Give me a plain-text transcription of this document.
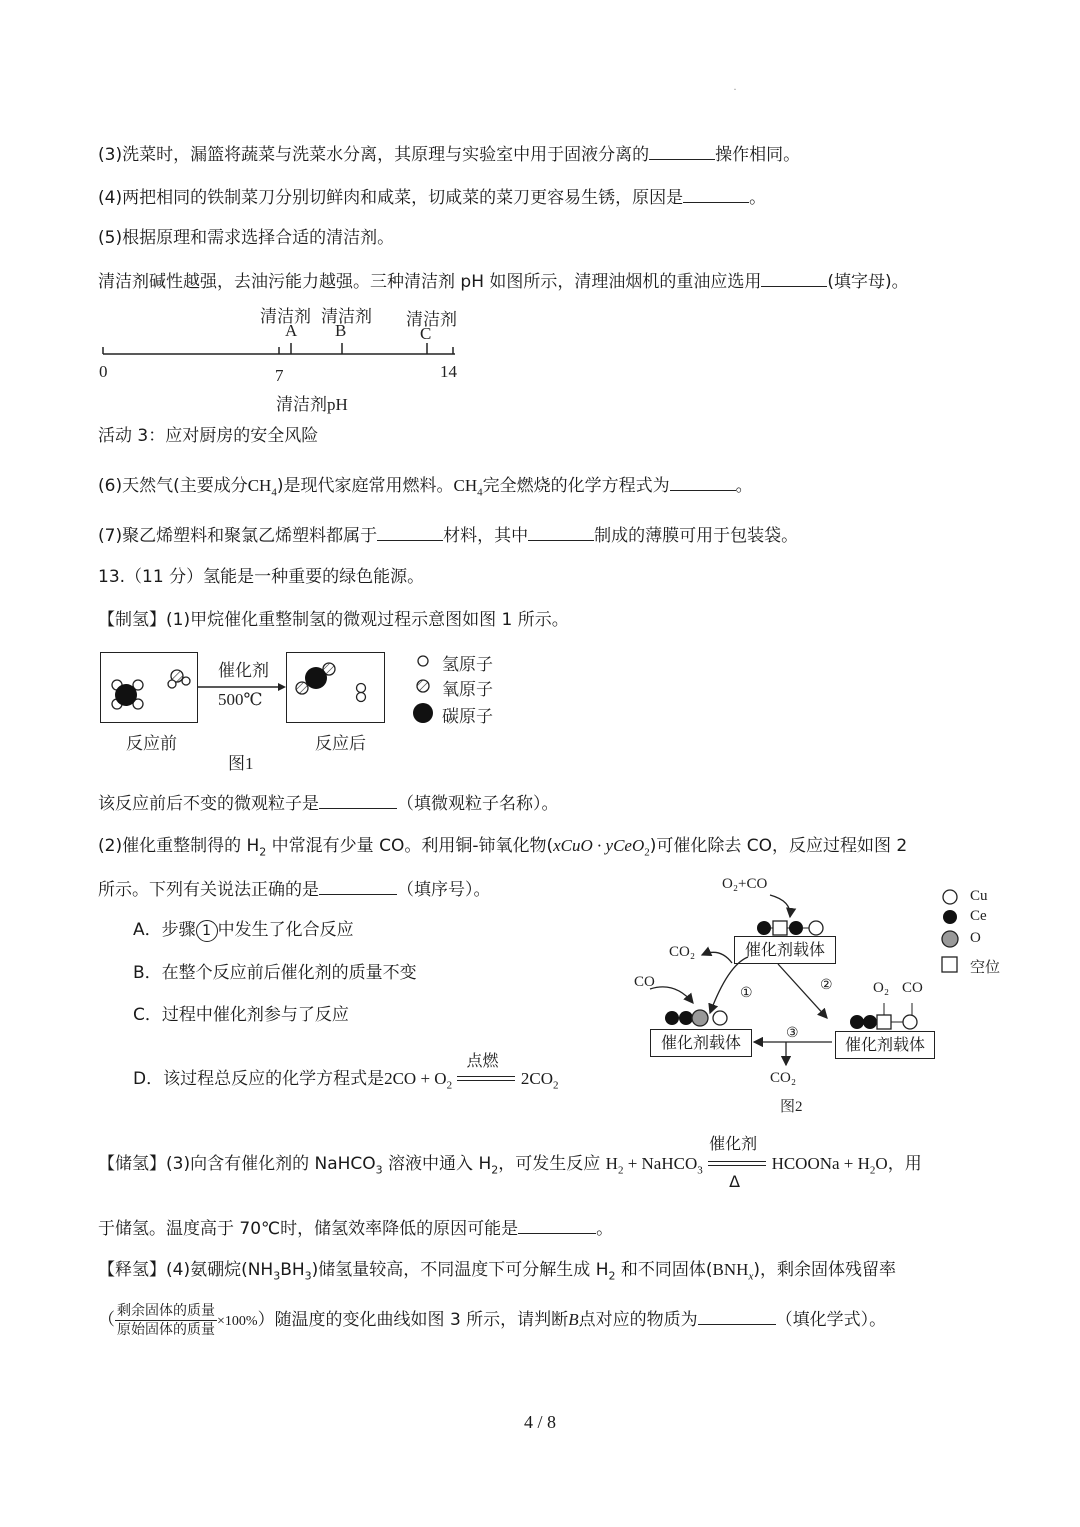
·
(3)洗菜时，漏篮将蔬菜与洗菜水分离，其原理与实验室中用于固液分离的	操作相同。
(4)两把相同的铁制菜刀分别切鲜肉和咸菜，切咸菜的菜刀更容易生锈，原因是	。
(5)根据原理和需求选择合适的清洁剂。
清洁剂碱性越强，去油污能力越强。三种清洁剂 pH 如图所示，清理油烟机的重油应选用	(填字母)。
清洁剂
A
清洁剂
B
清洁剂
C
0	7	14
清洁剂pH
活动 3：应对厨房的安全风险
(6)天然气(主要成分$CH_4$)是现代家庭常用燃料。$CH_4$完全燃烧的化学方程式为	。
(7)聚乙烯塑料和聚氯乙烯塑料都属于	材料，其中	制成的薄膜可用于包装袋。
13.（11 分）氢能是一种重要的绿色能源。
【制氢】(1)甲烷催化重整制氢的微观过程示意图如图 1 所示。
催化剂
500℃
反应前	反应后
图1
氢原子
氧原子
碳原子
该反应前后不变的微观粒子是	（填微观粒子名称）。
(2)催化重整制得的 $H_2$ 中常混有少量 CO。利用铜-铈氧化物(xCuO · yCeO$_2$)可催化除去 CO，反应过程如图 2
所示。下列有关说法正确的是	（填序号）。
A．步骤 1 中发生了化合反应
B．在整个反应前后催化剂的质量不变
C．过程中催化剂参与了反应
D．该过程总反应的化学方程式是$2CO + O_2$
点燃
$2CO_2$
催化剂载体
催化剂载体	催化剂载体
O₂+CO
CO₂
CO	O₂ CO
CO₂
①
②
③
图2
Cu
Ce
O
空位
【储氢】(3)向含有催化剂的 NaHCO$_3$ 溶液中通入 $H_2$，可发生反应 $H_2$ + NaHCO$_3$
催化剂
Δ
HCOONa + $H_2O$，用
于储氢。温度高于 70℃时，储氢效率降低的原因可能是	。
【释氢】(4)氨硼烷$(NH_3BH_3)$储氢量较高，不同温度下可分解生成 $H_2$ 和不同固体$(BNH_x)$，剩余固体残留率
（ $\frac{\text{剩余固体的质量}}{\text{原始固体的质量}} \times 100\%$）随温度的变化曲线如图 3 所示，请判断B点对应的物质为	（填化学式）。
4 / 8
